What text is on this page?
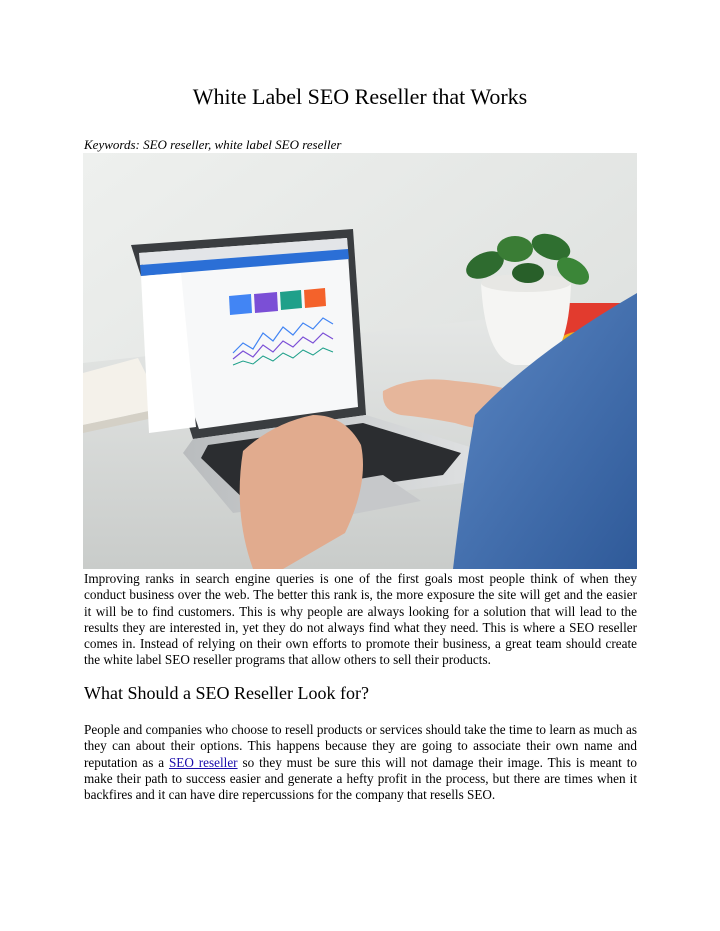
White Label SEO Reseller that Works
Keywords: SEO reseller, white label SEO reseller

Improving ranks in search engine queries is one of the first goals most people think of when they conduct business over the web. The better this rank is, the more exposure the site will get and the easier it will be to find customers. This is why people are always looking for a solution that will lead to the results they are interested in, yet they do not always find what they need. This is where a SEO reseller comes in. Instead of relying on their own efforts to promote their business, a great team should create the white label SEO reseller programs that allow others to sell their products.

What Should a SEO Reseller Look for?

People and companies who choose to resell products or services should take the time to learn as much as they can about their options. This happens because they are going to associate their own name and reputation as a SEO reseller so they must be sure this will not damage their image. This is meant to make their path to success easier and generate a hefty profit in the process, but there are times when it backfires and it can have dire repercussions for the company that resells SEO.
